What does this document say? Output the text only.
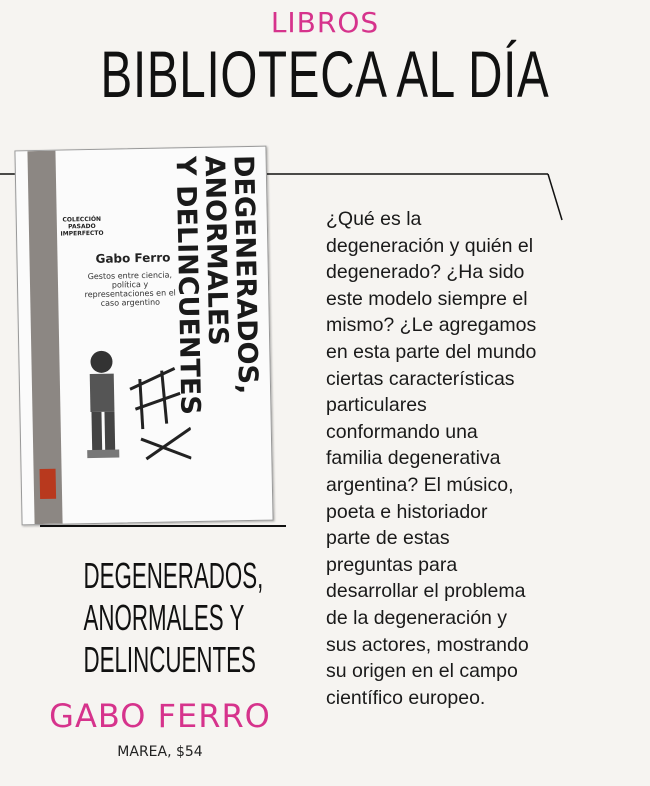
LIBROS
BIBLIOTECA AL DÍA
COLECCIÓN PASADO IMPERFECTO
Gabo Ferro
Gestos entre ciencia, política y representaciones en el caso argentino	DEGENERADOS,
ANORMALES
Y DELINCUENTES
DEGENERADOS,
ANORMALES Y
DELINCUENTES
GABO FERRO
MAREA, $54
¿Qué es la
degeneración y quién el
degenerado? ¿Ha sido
este modelo siempre el
mismo? ¿Le agregamos
en esta parte del mundo
ciertas características
particulares
conformando una
familia degenerativa
argentina? El músico,
poeta e historiador
parte de estas
preguntas para
desarrollar el problema
de la degeneración y
sus actores, mostrando
su origen en el campo
científico europeo.
